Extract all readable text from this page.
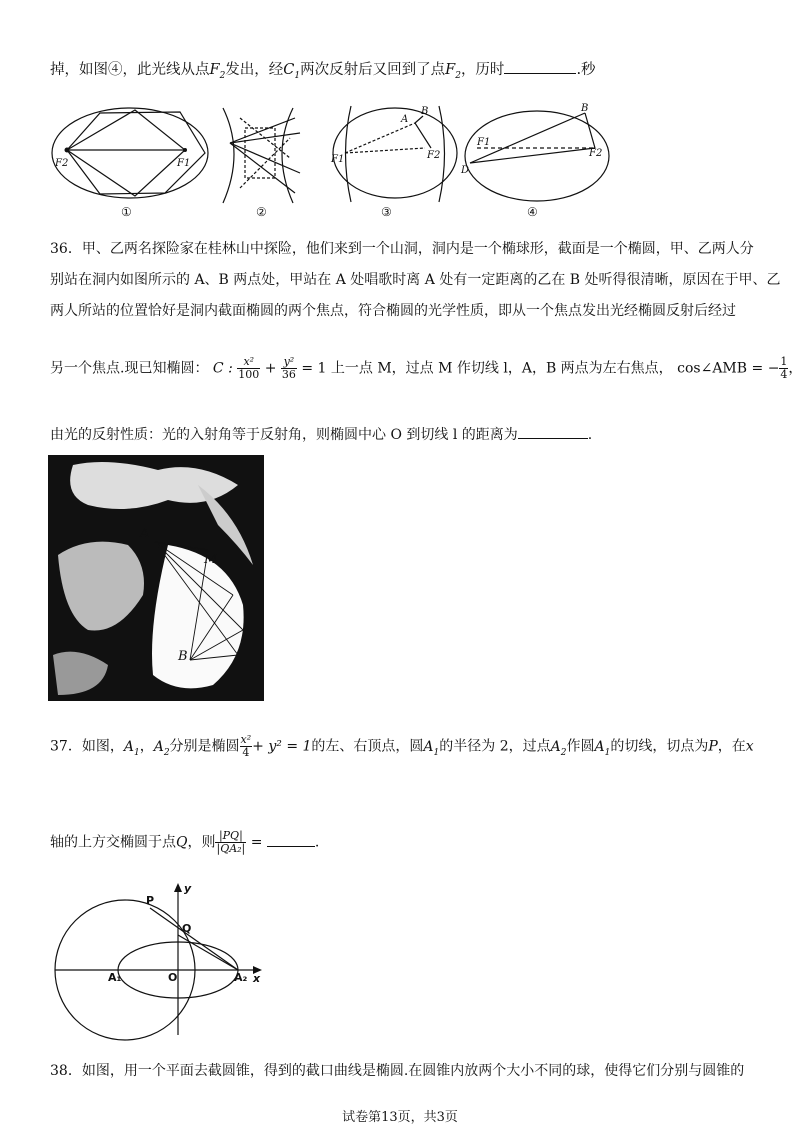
掉，如图④，此光线从点$F_2$发出，经$C_1$两次反射后又回到了点$F_2$，历时	.秒
F2	F1
A
B
F1	F2
B
F1
F2
D
①	②	③	④
36．甲、乙两名探险家在桂林山中探险，他们来到一个山洞，洞内是一个椭球形，截面是一个椭圆，甲、乙两人分
别站在洞内如图所示的 A、B 两点处，甲站在 A 处唱歌时离 A 处有一定距离的乙在 B 处听得很清晰，原因在于甲、乙
两人所站的位置恰好是洞内截面椭圆的两个焦点，符合椭圆的光学性质，即从一个焦点发出光经椭圆反射后经过
另一个焦点.现已知椭圆： C : $\frac{\text{x²}}{100} + \frac{\text{y²}}{36} = 1$ 上一点 M，过点 M 作切线 l，A，B 两点为左右焦点， cos∠AMB = − $\frac{1}{4}$ ，
由光的反射性质：光的入射角等于反射角，则椭圆中心 O 到切线 l 的距离为	.
A
M
B
37．如图，$A_1$，$A_2$分别是椭圆 $\frac{\text{x²}}{4} + y^2 = 1$的左、右顶点，圆$A_1$的半径为 2，过点$A_2$作圆$A_1$的切线，切点为P，在x
轴的上方交椭圆于点Q，则 $\frac{|PQ|}{\text{|QA₂|}}$ =	.
y
x
P
Q
O
A₁	A₂
38．如图，用一个平面去截圆锥，得到的截口曲线是椭圆.在圆锥内放两个大小不同的球，使得它们分别与圆锥的
试卷第13页，共3页
